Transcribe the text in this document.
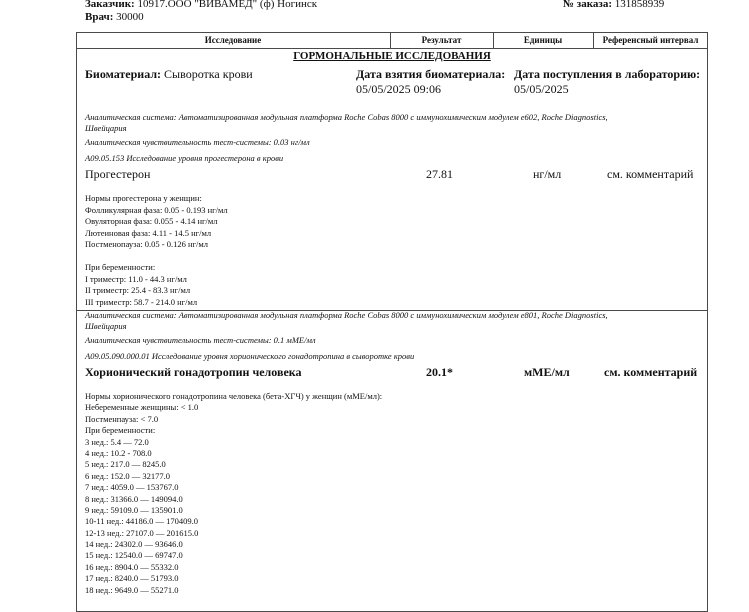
Заказчик: 10917.ООО "ВИВАМЕД" (ф) Ногинск	№ заказа: 131858939
Врач: 30000
Исследование	Результат	Единицы	Референсный интервал
ГОРМОНАЛЬНЫЕ ИССЛЕДОВАНИЯ
Биоматериал: Сыворотка крови	Дата взятия биоматериала:
05/05/2025 09:06
Дата поступления в лабораторию:
05/05/2025
Аналитическая система: Автоматизированная модульная платформа Roche Cobas 8000 с иммунохимическим модулем e602, Roche Diagnostics,
Швейцария
Аналитическая чувствительность тест-системы: 0.03 нг/мл
А09.05.153 Исследование уровня прогестерона в крови
Прогестерон	27.81	нг/мл	см. комментарий
Нормы прогестерона у женщин:
Фолликулярная фаза: 0.05 - 0.193 нг/мл
Овуляторная фаза: 0.055 - 4.14 нг/мл
Лютеиновая фаза: 4.11 - 14.5 нг/мл
Постменопауза: 0.05 - 0.126 нг/мл
При беременности:
I триместр: 11.0 - 44.3 нг/мл
II триместр: 25.4 - 83.3 нг/мл
III триместр: 58.7 - 214.0 нг/мл
Аналитическая система: Автоматизированная модульная платформа Roche Cobas 8000 с иммунохимическим модулем e801, Roche Diagnostics,
Швейцария
Аналитическая чувствительность тест-системы: 0.1 мМЕ/мл
А09.05.090.000.01 Исследование уровня хорионического гонадотропина в сыворотке крови
Хорионический гонадотропин человека	20.1*	мМЕ/мл	см. комментарий
Нормы хорионического гонадотропина человека (бета-ХГЧ) у женщин (мМЕ/мл):
Небеременные женщины: < 1.0
Постменпауза: < 7.0
При беременности:
3 нед.: 5.4 — 72.0
4 нед.: 10.2 - 708.0
5 нед.: 217.0 — 8245.0
6 нед.: 152.0 — 32177.0
7 нед.: 4059.0 — 153767.0
8 нед.: 31366.0 — 149094.0
9 нед.: 59109.0 — 135901.0
10-11 нед.: 44186.0 — 170409.0
12-13 нед.: 27107.0 — 201615.0
14 нед.: 24302.0 — 93646.0
15 нед.: 12540.0 — 69747.0
16 нед.: 8904.0 — 55332.0
17 нед.: 8240.0 — 51793.0
18 нед.: 9649.0 — 55271.0
